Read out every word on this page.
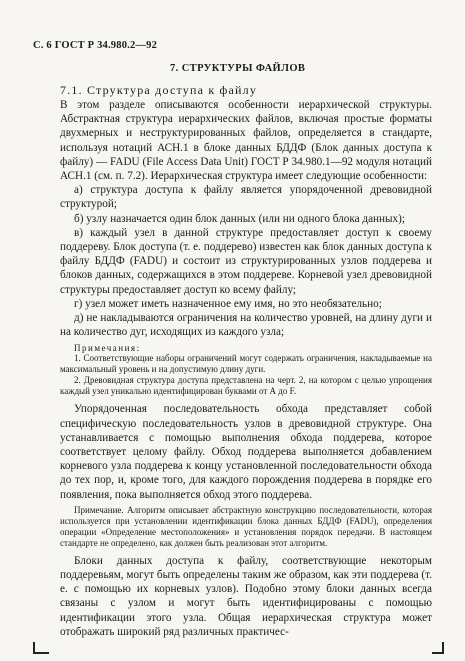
С. 6 ГОСТ Р 34.980.2—92
7. СТРУКТУРЫ ФАЙЛОВ
7.1. Структура доступа к файлу

В этом разделе описываются особенности иерархической структуры. Абстрактная структура иерархических файлов, включая простые форматы двухмерных и неструктурированных файлов, определяется в стандарте, используя нотаций АСН.1 в блоке данных БДДФ (Блок данных доступа к файлу) — FADU (File Access Data Unit) ГОСТ Р 34.980.1—92 модуля нотаций АСН.1 (см. п. 7.2). Иерархическая структура имеет следующие особенности:

а) структура доступа к файлу является упорядоченной древовидной структурой;

б) узлу назначается один блок данных (или ни одного блока данных);

в) каждый узел в данной структуре предоставляет доступ к своему поддереву. Блок доступа (т. е. поддерево) известен как блок данных доступа к файлу БДДФ (FADU) и состоит из структурированных узлов поддерева и блоков данных, содержащихся в этом поддереве. Корневой узел древовидной структуры предоставляет доступ ко всему файлу;

г) узел может иметь назначенное ему имя, но это необязательно;

д) не накладываются ограничения на количество уровней, на длину дуги и на количество дуг, исходящих из каждого узла;

Примечания:

1. Соответствующие наборы ограничений могут содержать ограничения, накладываемые на максимальный уровень и на допустимую длину дуги.

2. Древовидная структура доступа представлена на черт. 2, на котором с целью упрощения каждый узел уникально идентифицирован буквами от А до F.

Упорядоченная последовательность обхода представляет собой специфическую последовательность узлов в древовидной структуре. Она устанавливается с помощью выполнения обхода поддерева, которое соответствует целому файлу. Обход поддерева выполняется добавлением корневого узла поддерева к концу установленной последовательности обхода до тех пор, и, кроме того, для каждого порождения поддерева в порядке его появления, пока выполняется обход этого поддерева.

Примечание. Алгоритм описывает абстрактную конструкцию последовательности, которая используется при установлении идентификации блока данных БДДФ (FADU), определения операции «Определение местоположения» и установления порядок передачи. В настоящем стандарте не определено, как должен быть реализован этот алгоритм.

Блоки данных доступа к файлу, соответствующие некоторым поддеревьям, могут быть определены таким же образом, как эти поддерева (т. е. с помощью их корневых узлов). Подобно этому блоки данных всегда связаны с узлом и могут быть идентифицированы с помощью идентификации этого узла. Общая иерархическая структура может отображать широкий ряд различных практичес-
